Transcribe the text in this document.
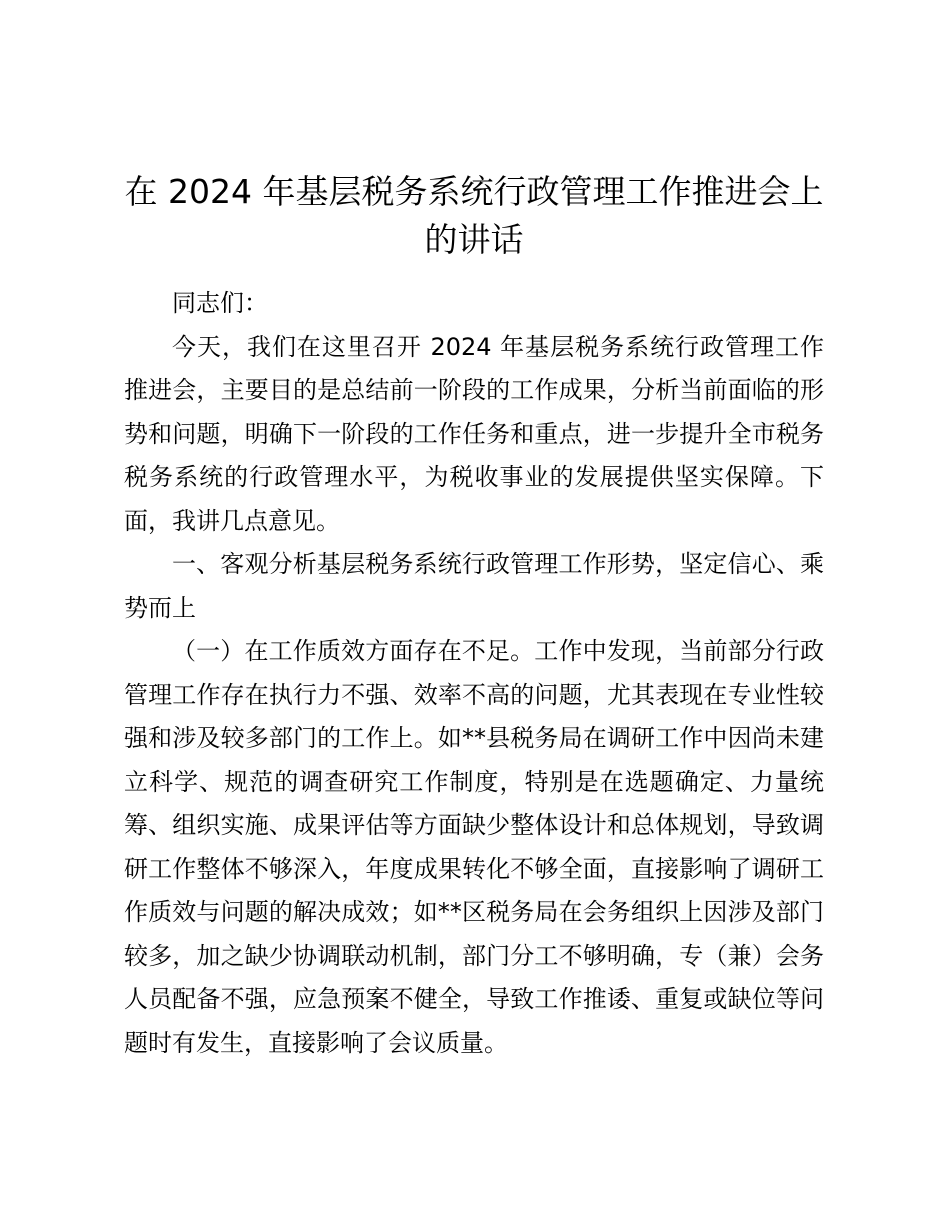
在 2024 年基层税务系统行政管理工作推进会上的讲话

同志们：

今天，我们在这里召开 2024 年基层税务系统行政管理工作推进会，主要目的是总结前一阶段的工作成果，分析当前面临的形势和问题，明确下一阶段的工作任务和重点，进一步提升全市税务税务系统的行政管理水平，为税收事业的发展提供坚实保障。下面，我讲几点意见。

一、客观分析基层税务系统行政管理工作形势，坚定信心、乘势而上

（一）在工作质效方面存在不足。工作中发现，当前部分行政管理工作存在执行力不强、效率不高的问题，尤其表现在专业性较强和涉及较多部门的工作上。如**县税务局在调研工作中因尚未建立科学、规范的调查研究工作制度，特别是在选题确定、力量统筹、组织实施、成果评估等方面缺少整体设计和总体规划，导致调研工作整体不够深入，年度成果转化不够全面，直接影响了调研工作质效与问题的解决成效；如**区税务局在会务组织上因涉及部门较多，加之缺少协调联动机制，部门分工不够明确，专（兼）会务人员配备不强，应急预案不健全，导致工作推诿、重复或缺位等问题时有发生，直接影响了会议质量。
